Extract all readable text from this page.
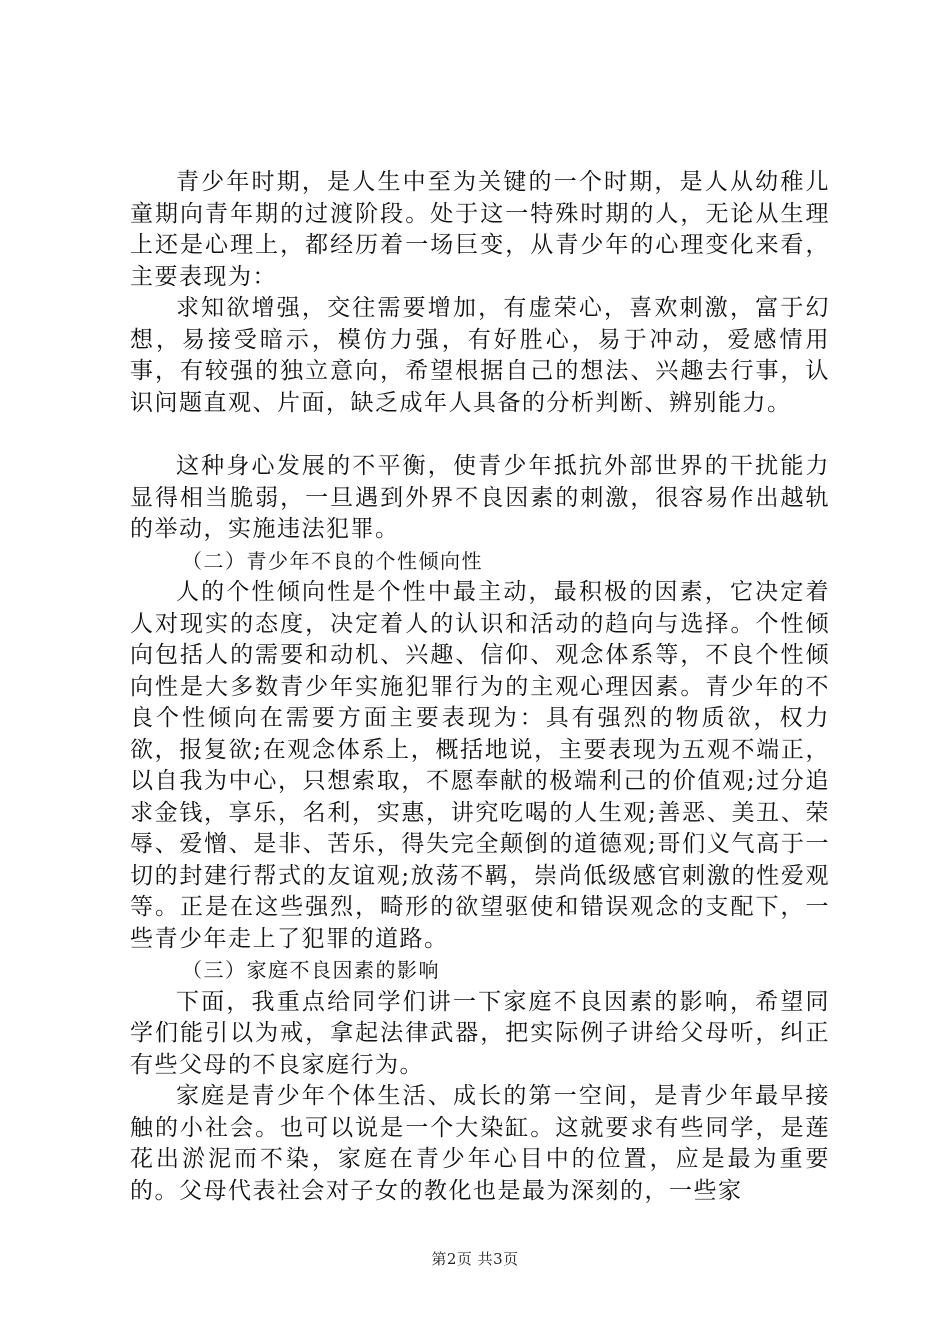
青少年时期，是人生中至为关键的一个时期，是人从幼稚儿童期向青年期的过渡阶段。处于这一特殊时期的人，无论从生理上还是心理上，都经历着一场巨变，从青少年的心理变化来看，主要表现为：

求知欲增强，交往需要增加，有虚荣心，喜欢刺激，富于幻想，易接受暗示，模仿力强，有好胜心，易于冲动，爱感情用事，有较强的独立意向，希望根据自己的想法、兴趣去行事，认识问题直观、片面，缺乏成年人具备的分析判断、辨别能力。

这种身心发展的不平衡，使青少年抵抗外部世界的干扰能力显得相当脆弱，一旦遇到外界不良因素的刺激，很容易作出越轨的举动，实施违法犯罪。

（二）青少年不良的个性倾向性

人的个性倾向性是个性中最主动，最积极的因素，它决定着人对现实的态度，决定着人的认识和活动的趋向与选择。个性倾向包括人的需要和动机、兴趣、信仰、观念体系等，不良个性倾向性是大多数青少年实施犯罪行为的主观心理因素。青少年的不良个性倾向在需要方面主要表现为：具有强烈的物质欲，权力欲，报复欲;在观念体系上，概括地说，主要表现为五观不端正，以自我为中心，只想索取，不愿奉献的极端利己的价值观;过分追求金钱，享乐，名利，实惠，讲究吃喝的人生观;善恶、美丑、荣辱、爱憎、是非、苦乐，得失完全颠倒的道德观;哥们义气高于一切的封建行帮式的友谊观;放荡不羁，崇尚低级感官刺激的性爱观等。正是在这些强烈，畸形的欲望驱使和错误观念的支配下，一些青少年走上了犯罪的道路。

（三）家庭不良因素的影响

下面，我重点给同学们讲一下家庭不良因素的影响，希望同学们能引以为戒，拿起法律武器，把实际例子讲给父母听，纠正有些父母的不良家庭行为。

家庭是青少年个体生活、成长的第一空间，是青少年最早接触的小社会。也可以说是一个大染缸。这就要求有些同学，是莲花出淤泥而不染，家庭在青少年心目中的位置，应是最为重要的。父母代表社会对子女的教化也是最为深刻的，一些家

第2页 共3页
